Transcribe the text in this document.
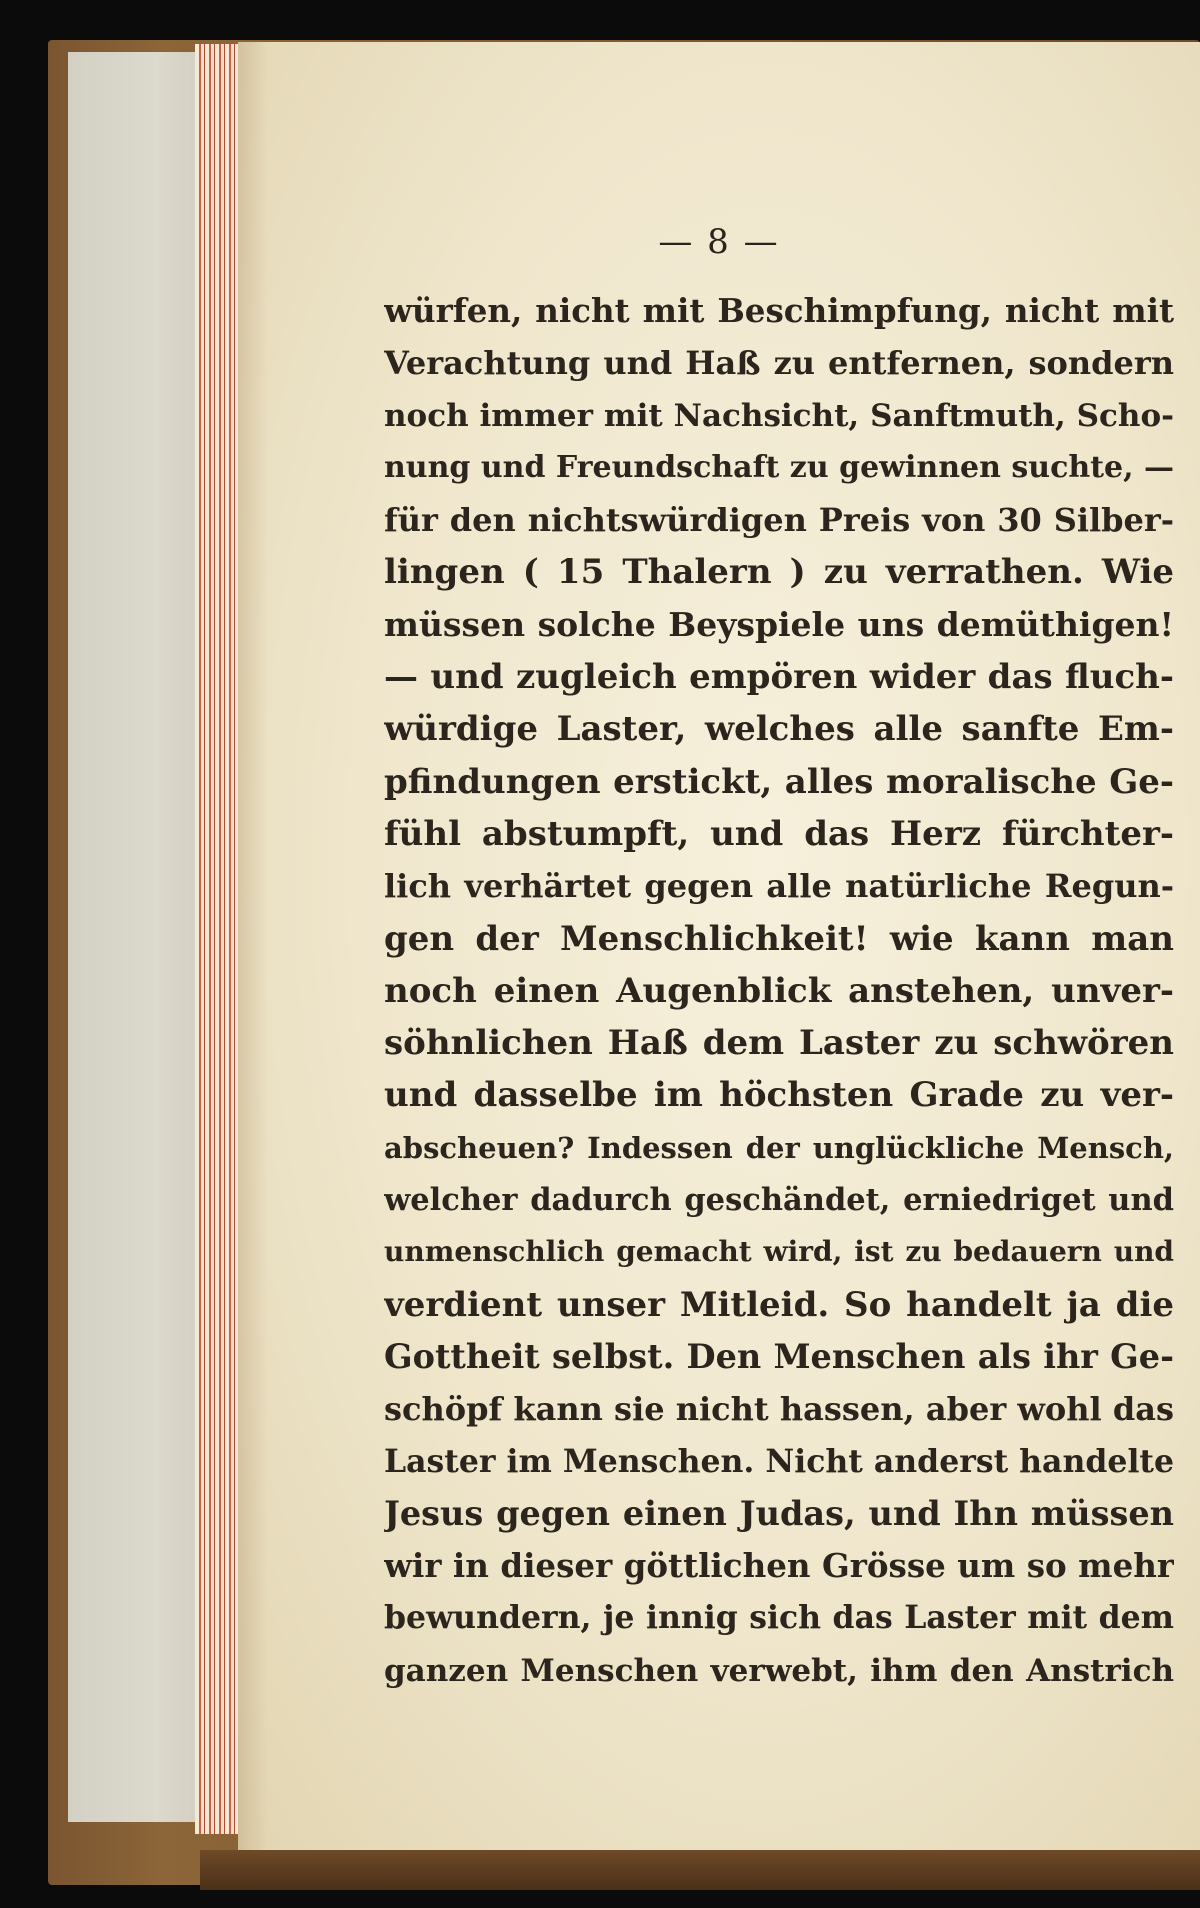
— 8 —
würfen, nicht mit Beschimpfung, nicht mit
Verachtung und Haß zu entfernen, sondern
noch immer mit Nachsicht, Sanftmuth, Scho-
nung und Freundschaft zu gewinnen suchte, —
für den nichtswürdigen Preis von 30 Silber-
lingen ( 15 Thalern ) zu verrathen. Wie
müssen solche Beyspiele uns demüthigen!
— und zugleich empören wider das fluch-
würdige Laster, welches alle sanfte Em-
pfindungen erstickt, alles moralische Ge-
fühl abstumpft, und das Herz fürchter-
lich verhärtet gegen alle natürliche Regun-
gen der Menschlichkeit! wie kann man
noch einen Augenblick anstehen, unver-
söhnlichen Haß dem Laster zu schwören
und dasselbe im höchsten Grade zu ver-
abscheuen? Indessen der unglückliche Mensch,
welcher dadurch geschändet, erniedriget und
unmenschlich gemacht wird, ist zu bedauern und
verdient unser Mitleid. So handelt ja die
Gottheit selbst. Den Menschen als ihr Ge-
schöpf kann sie nicht hassen, aber wohl das
Laster im Menschen. Nicht anderst handelte
Jesus gegen einen Judas, und Ihn müssen
wir in dieser göttlichen Grösse um so mehr
bewundern, je innig sich das Laster mit dem
ganzen Menschen verwebt, ihm den Anstrich
